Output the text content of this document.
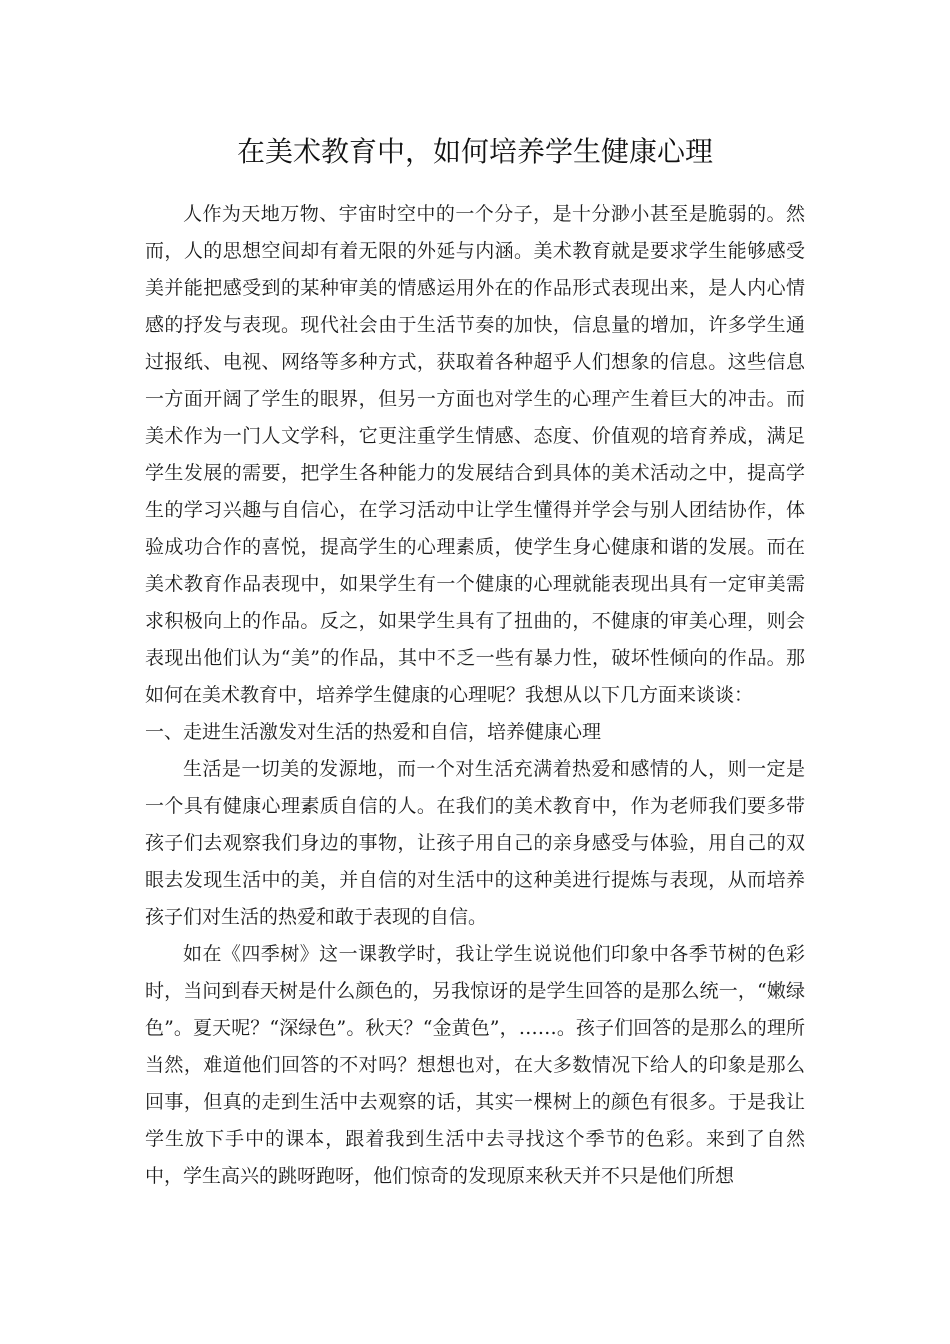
在美术教育中，如何培养学生健康心理

人作为天地万物、宇宙时空中的一个分子，是十分渺小甚至是脆弱的。然而，人的思想空间却有着无限的外延与内涵。美术教育就是要求学生能够感受美并能把感受到的某种审美的情感运用外在的作品形式表现出来，是人内心情感的抒发与表现。现代社会由于生活节奏的加快，信息量的增加，许多学生通过报纸、电视、网络等多种方式，获取着各种超乎人们想象的信息。这些信息一方面开阔了学生的眼界，但另一方面也对学生的心理产生着巨大的冲击。而美术作为一门人文学科，它更注重学生情感、态度、价值观的培育养成，满足学生发展的需要，把学生各种能力的发展结合到具体的美术活动之中，提高学生的学习兴趣与自信心，在学习活动中让学生懂得并学会与别人团结协作，体验成功合作的喜悦，提高学生的心理素质，使学生身心健康和谐的发展。而在美术教育作品表现中，如果学生有一个健康的心理就能表现出具有一定审美需求积极向上的作品。反之，如果学生具有了扭曲的，不健康的审美心理，则会表现出他们认为“美”的作品，其中不乏一些有暴力性，破坏性倾向的作品。那如何在美术教育中，培养学生健康的心理呢？我想从以下几方面来谈谈：

一、走进生活激发对生活的热爱和自信，培养健康心理

生活是一切美的发源地，而一个对生活充满着热爱和感情的人，则一定是一个具有健康心理素质自信的人。在我们的美术教育中，作为老师我们要多带孩子们去观察我们身边的事物，让孩子用自己的亲身感受与体验，用自己的双眼去发现生活中的美，并自信的对生活中的这种美进行提炼与表现，从而培养孩子们对生活的热爱和敢于表现的自信。

如在《四季树》这一课教学时，我让学生说说他们印象中各季节树的色彩时，当问到春天树是什么颜色的，另我惊讶的是学生回答的是那么统一，“嫩绿色”。夏天呢？“深绿色”。秋天？“金黄色”，……。孩子们回答的是那么的理所当然，难道他们回答的不对吗？想想也对，在大多数情况下给人的印象是那么回事，但真的走到生活中去观察的话，其实一棵树上的颜色有很多。于是我让学生放下手中的课本，跟着我到生活中去寻找这个季节的色彩。来到了自然中，学生高兴的跳呀跑呀，他们惊奇的发现原来秋天并不只是他们所想
